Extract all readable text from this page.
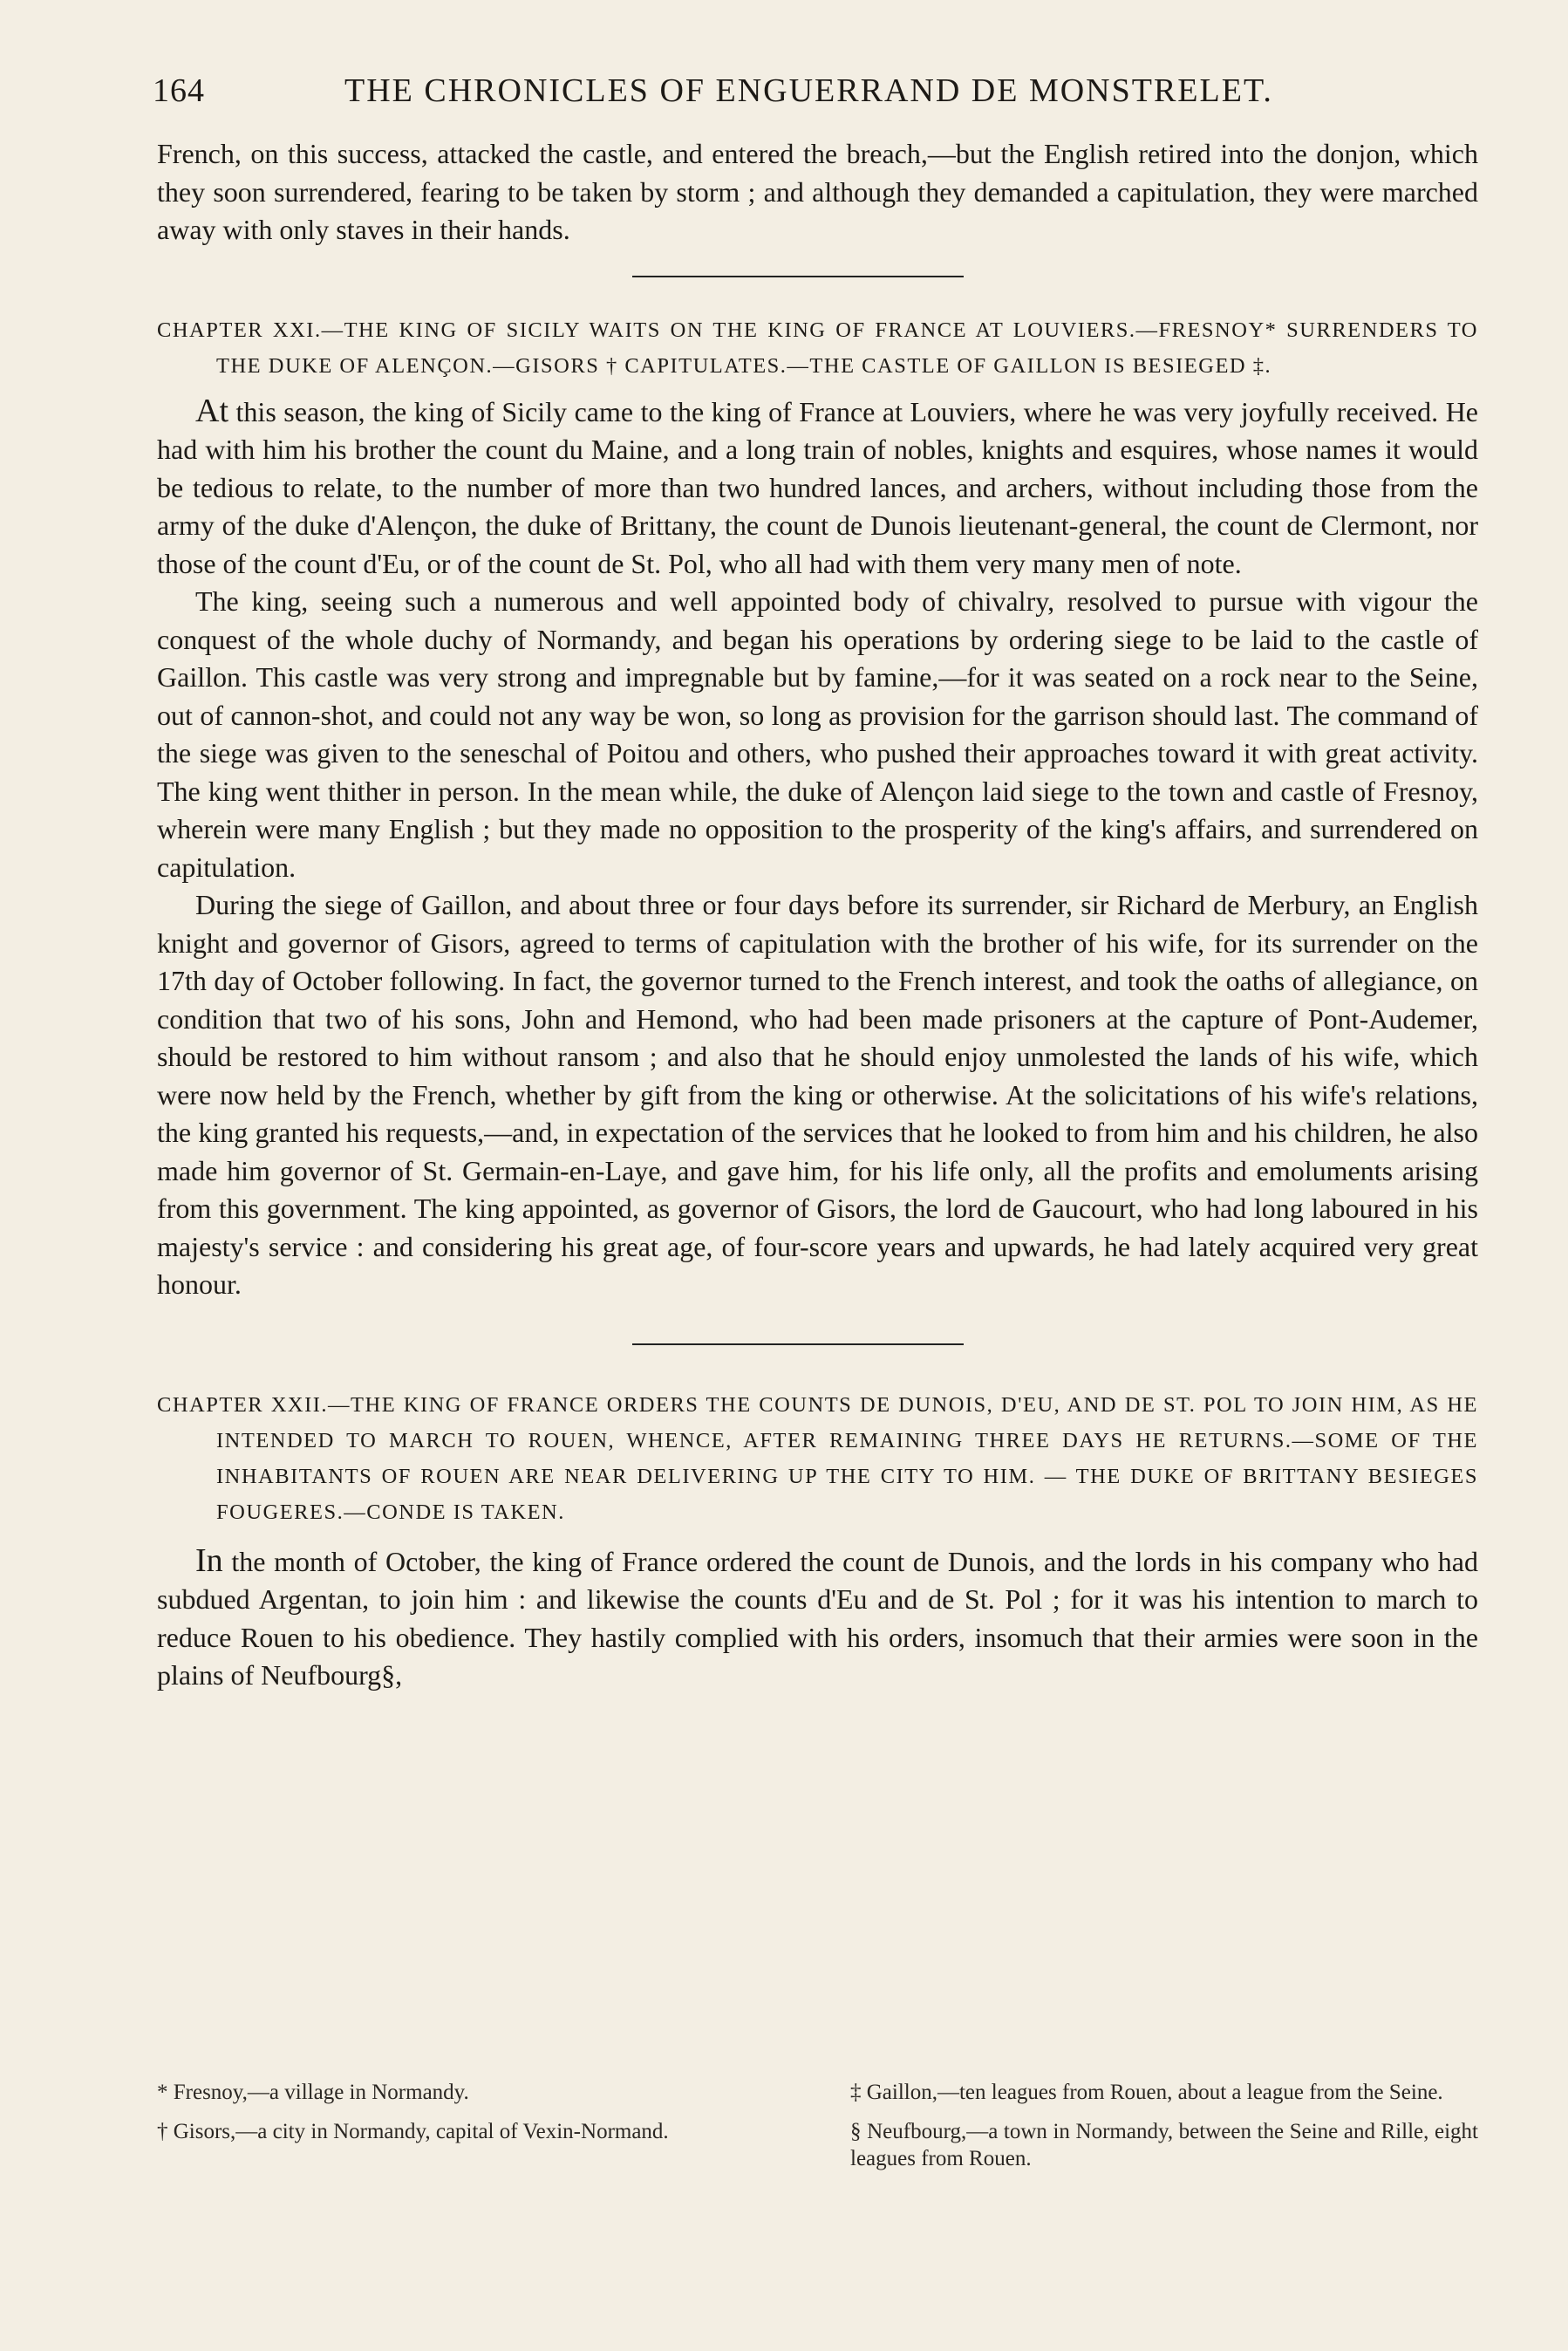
164	THE CHRONICLES OF ENGUERRAND DE MONSTRELET.

French, on this success, attacked the castle, and entered the breach,—but the English retired into the donjon, which they soon surrendered, fearing to be taken by storm ; and although they demanded a capitulation, they were marched away with only staves in their hands.

CHAPTER XXI.—THE KING OF SICILY WAITS ON THE KING OF FRANCE AT LOUVIERS.—FRESNOY* SURRENDERS TO THE DUKE OF ALENÇON.—GISORS † CAPITULATES.—THE CASTLE OF GAILLON IS BESIEGED ‡.

At this season, the king of Sicily came to the king of France at Louviers, where he was very joyfully received. He had with him his brother the count du Maine, and a long train of nobles, knights and esquires, whose names it would be tedious to relate, to the number of more than two hundred lances, and archers, without including those from the army of the duke d'Alençon, the duke of Brittany, the count de Dunois lieutenant-general, the count de Clermont, nor those of the count d'Eu, or of the count de St. Pol, who all had with them very many men of note.

The king, seeing such a numerous and well appointed body of chivalry, resolved to pursue with vigour the conquest of the whole duchy of Normandy, and began his operations by ordering siege to be laid to the castle of Gaillon. This castle was very strong and impregnable but by famine,—for it was seated on a rock near to the Seine, out of cannon-shot, and could not any way be won, so long as provision for the garrison should last. The command of the siege was given to the seneschal of Poitou and others, who pushed their approaches toward it with great activity. The king went thither in person. In the mean while, the duke of Alençon laid siege to the town and castle of Fresnoy, wherein were many English ; but they made no opposition to the prosperity of the king's affairs, and surrendered on capitulation.

During the siege of Gaillon, and about three or four days before its surrender, sir Richard de Merbury, an English knight and governor of Gisors, agreed to terms of capitulation with the brother of his wife, for its surrender on the 17th day of October following. In fact, the governor turned to the French interest, and took the oaths of allegiance, on condition that two of his sons, John and Hemond, who had been made prisoners at the capture of Pont-Audemer, should be restored to him without ransom ; and also that he should enjoy unmolested the lands of his wife, which were now held by the French, whether by gift from the king or otherwise. At the solicitations of his wife's relations, the king granted his requests,—and, in expectation of the services that he looked to from him and his children, he also made him governor of St. Germain-en-Laye, and gave him, for his life only, all the profits and emoluments arising from this government. The king appointed, as governor of Gisors, the lord de Gaucourt, who had long laboured in his majesty's service : and considering his great age, of four-score years and upwards, he had lately acquired very great honour.

CHAPTER XXII.—THE KING OF FRANCE ORDERS THE COUNTS DE DUNOIS, D'EU, AND DE ST. POL TO JOIN HIM, AS HE INTENDED TO MARCH TO ROUEN, WHENCE, AFTER REMAINING THREE DAYS HE RETURNS.—SOME OF THE INHABITANTS OF ROUEN ARE NEAR DELIVERING UP THE CITY TO HIM. — THE DUKE OF BRITTANY BESIEGES FOUGERES.—CONDE IS TAKEN.

In the month of October, the king of France ordered the count de Dunois, and the lords in his company who had subdued Argentan, to join him : and likewise the counts d'Eu and de St. Pol ; for it was his intention to march to reduce Rouen to his obedience. They hastily complied with his orders, insomuch that their armies were soon in the plains of Neufbourg§,

* Fresnoy,—a village in Normandy.
† Gisors,—a city in Normandy, capital of Vexin-Normand.
‡ Gaillon,—ten leagues from Rouen, about a league from the Seine.
§ Neufbourg,—a town in Normandy, between the Seine and Rille, eight leagues from Rouen.
